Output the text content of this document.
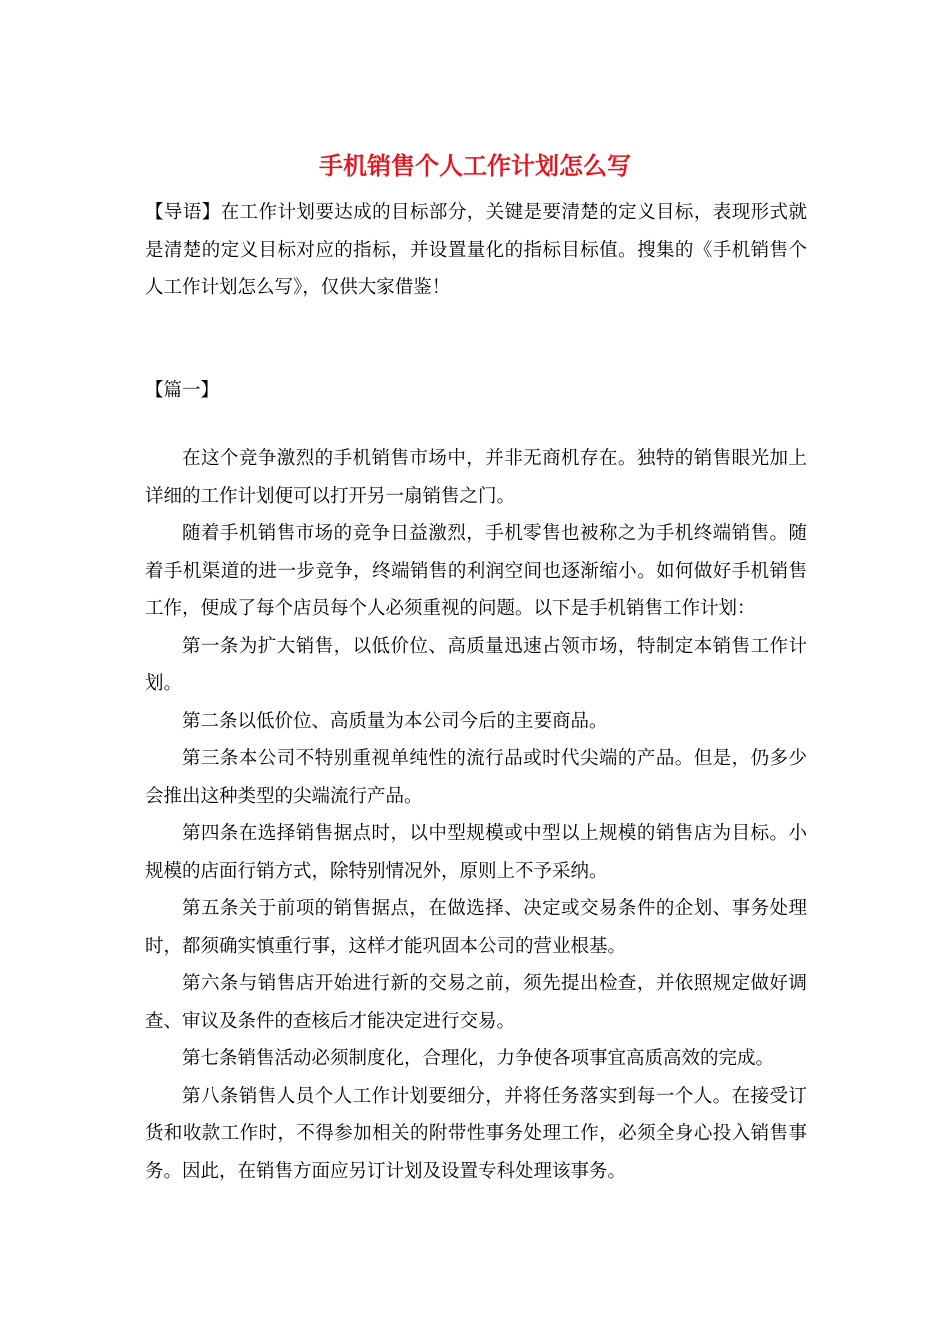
手机销售个人工作计划怎么写

【导语】在工作计划要达成的目标部分，关键是要清楚的定义目标，表现形式就是清楚的定义目标对应的指标，并设置量化的指标目标值。搜集的《手机销售个人工作计划怎么写》，仅供大家借鉴！

【篇一】

在这个竞争激烈的手机销售市场中，并非无商机存在。独特的销售眼光加上详细的工作计划便可以打开另一扇销售之门。

随着手机销售市场的竞争日益激烈，手机零售也被称之为手机终端销售。随着手机渠道的进一步竞争，终端销售的利润空间也逐渐缩小。如何做好手机销售工作，便成了每个店员每个人必须重视的问题。以下是手机销售工作计划：

第一条为扩大销售，以低价位、高质量迅速占领市场，特制定本销售工作计划。

第二条以低价位、高质量为本公司今后的主要商品。

第三条本公司不特别重视单纯性的流行品或时代尖端的产品。但是，仍多少会推出这种类型的尖端流行产品。

第四条在选择销售据点时，以中型规模或中型以上规模的销售店为目标。小规模的店面行销方式，除特别情况外，原则上不予采纳。

第五条关于前项的销售据点，在做选择、决定或交易条件的企划、事务处理时，都须确实慎重行事，这样才能巩固本公司的营业根基。

第六条与销售店开始进行新的交易之前，须先提出检查，并依照规定做好调查、审议及条件的查核后才能决定进行交易。

第七条销售活动必须制度化，合理化，力争使各项事宜高质高效的完成。

第八条销售人员个人工作计划要细分，并将任务落实到每一个人。在接受订货和收款工作时，不得参加相关的附带性事务处理工作，必须全身心投入销售事务。因此，在销售方面应另订计划及设置专科处理该事务。
